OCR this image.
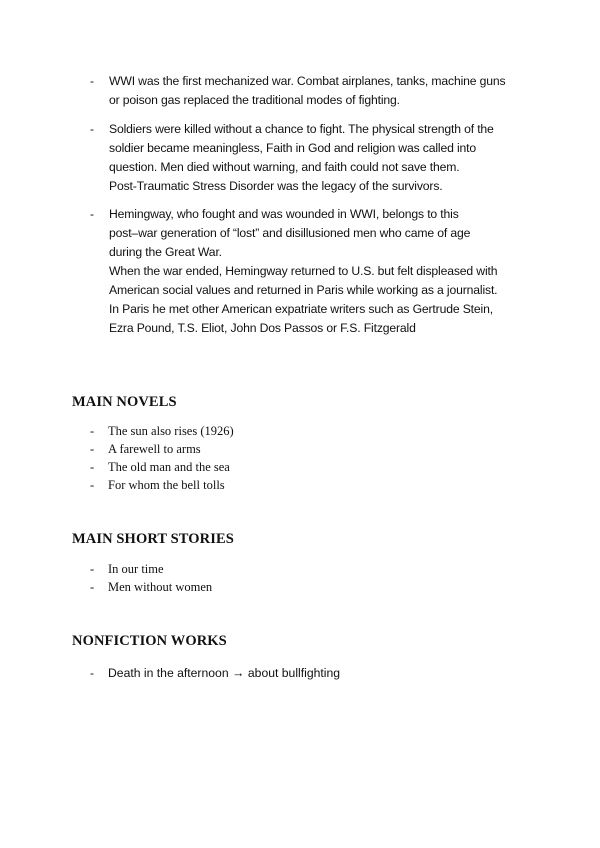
- WWI was the first mechanized war. Combat airplanes, tanks, machine guns
or poison gas replaced the traditional modes of fighting.
- Soldiers were killed without a chance to fight. The physical strength of the
soldier became meaningless, Faith in God and religion was called into
question. Men died without warning, and faith could not save them.
Post-Traumatic Stress Disorder was the legacy of the survivors.
- Hemingway, who fought and was wounded in WWI, belongs to this
post–war generation of “lost” and disillusioned men who came of age
during the Great War.
When the war ended, Hemingway returned to U.S. but felt displeased with
American social values and returned in Paris while working as a journalist.
In Paris he met other American expatriate writers such as Gertrude Stein,
Ezra Pound, T.S. Eliot, John Dos Passos or F.S. Fitzgerald
MAIN NOVELS
- The sun also rises (1926)
- A farewell to arms
- The old man and the sea
- For whom the bell tolls
MAIN SHORT STORIES
- In our time
- Men without women
NONFICTION WORKS
- Death in the afternoon → about bullfighting
